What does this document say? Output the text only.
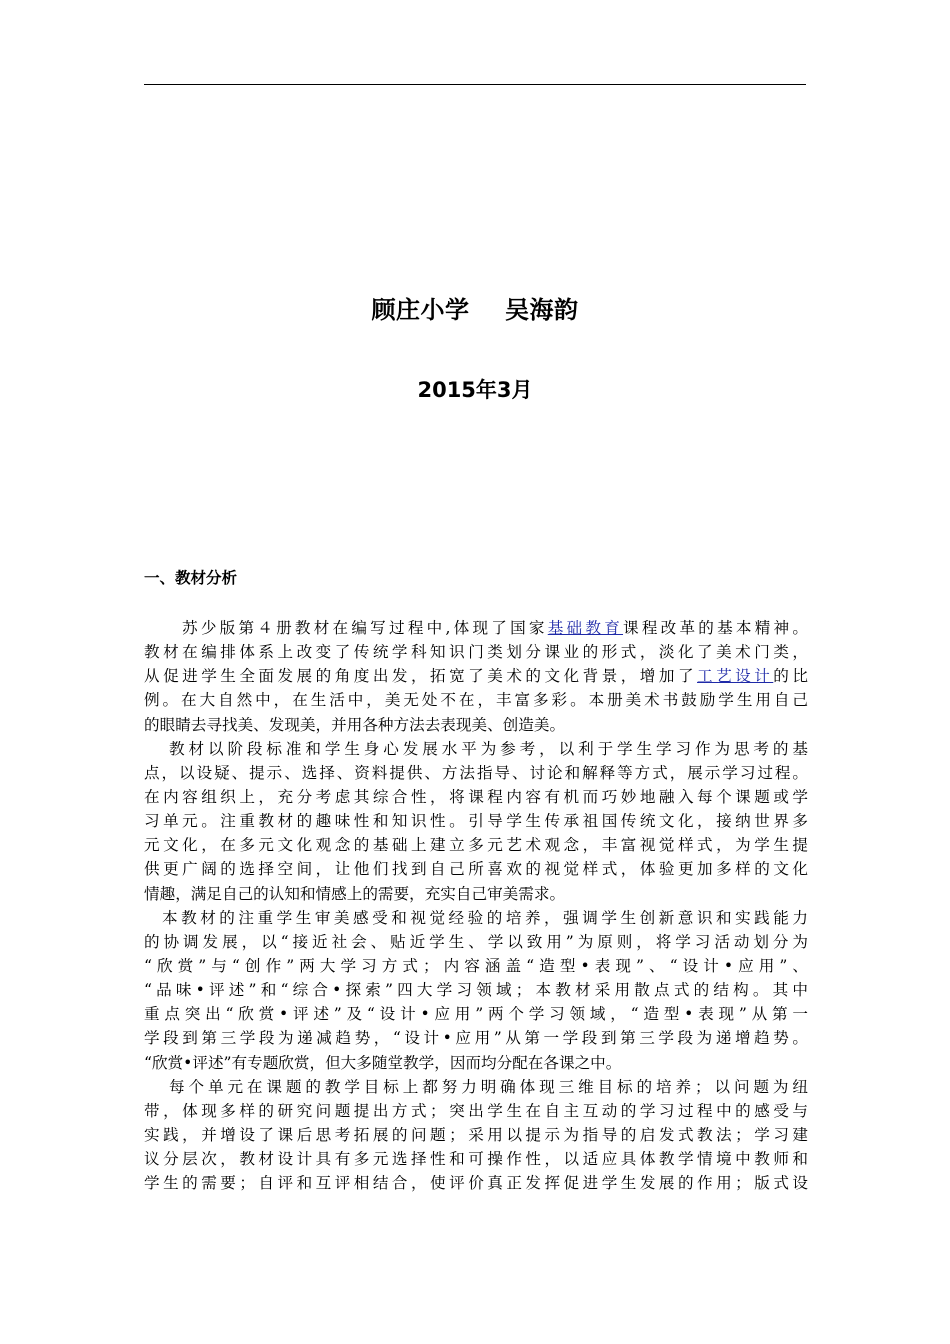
顾庄小学    吴海韵
2015年3月
一、教材分析
苏少版第４册教材在编写过程中,体现了国家基础教育课程改革的基本精神。
教材在编排体系上改变了传统学科知识门类划分课业的形式，淡化了美术门类，
从促进学生全面发展的角度出发，拓宽了美术的文化背景，增加了工艺设计的比
例。在大自然中，在生活中，美无处不在，丰富多彩。本册美术书鼓励学生用自己
的眼睛去寻找美、发现美，并用各种方法去表现美、创造美。
教材以阶段标准和学生身心发展水平为参考，以利于学生学习作为思考的基
点，以设疑、提示、选择、资料提供、方法指导、讨论和解释等方式，展示学习过程。
在内容组织上，充分考虑其综合性，将课程内容有机而巧妙地融入每个课题或学
习单元。注重教材的趣味性和知识性。引导学生传承祖国传统文化，接纳世界多
元文化，在多元文化观念的基础上建立多元艺术观念，丰富视觉样式，为学生提
供更广阔的选择空间，让他们找到自己所喜欢的视觉样式，体验更加多样的文化
情趣，满足自己的认知和情感上的需要，充实自己审美需求。
本教材的注重学生审美感受和视觉经验的培养，强调学生创新意识和实践能力
的协调发展，以“接近社会、贴近学生、学以致用”为原则，将学习活动划分为
“欣赏”与“创作”两大学习方式；内容涵盖“造型•表现”、“设计•应用”、
“品味•评述”和“综合•探索”四大学习领域；本教材采用散点式的结构。其中
重点突出“欣赏•评述”及“设计•应用”两个学习领域，“造型•表现”从第一
学段到第三学段为递减趋势，“设计•应用”从第一学段到第三学段为递增趋势。
“欣赏•评述”有专题欣赏，但大多随堂教学，因而均分配在各课之中。
每个单元在课题的教学目标上都努力明确体现三维目标的培养；以问题为纽
带，体现多样的研究问题提出方式；突出学生在自主互动的学习过程中的感受与
实践，并增设了课后思考拓展的问题；采用以提示为指导的启发式教法；学习建
议分层次，教材设计具有多元选择性和可操作性，以适应具体教学情境中教师和
学生的需要；自评和互评相结合，使评价真正发挥促进学生发展的作用；版式设
